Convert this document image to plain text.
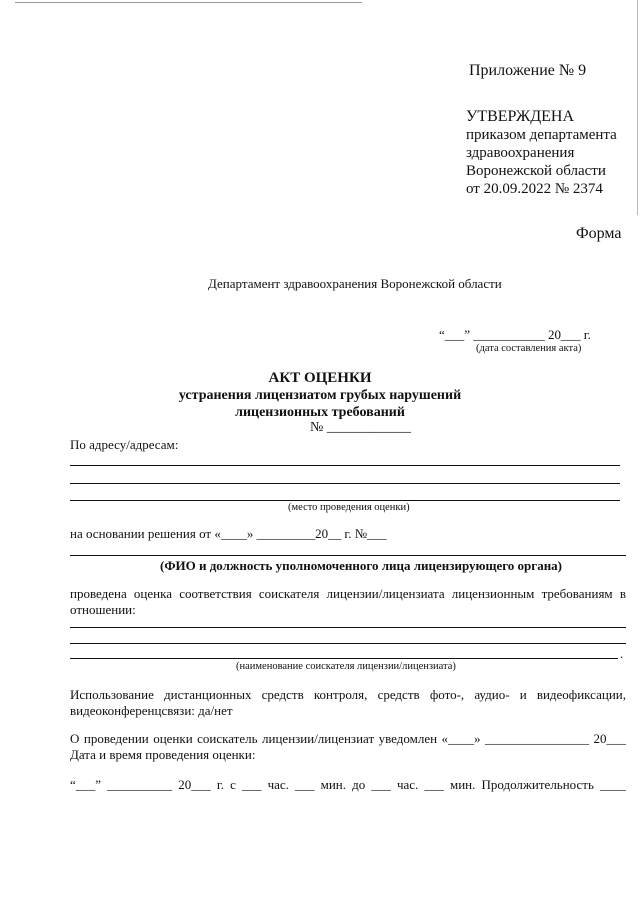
Приложение № 9
УТВЕРЖДЕНА
приказом департамента
здравоохранения
Воронежской области
от 20.09.2022 № 2374
Форма
Департамент здравоохранения Воронежской области
“___” ___________ 20___ г.
(дата составления акта)
АКТ ОЦЕНКИ
устранения лицензиатом грубых нарушений
лицензионных требований
№ ____________
По адресу/адресам:
(место проведения оценки)
на основании решения от «____» _________20__ г. №___
(ФИО и должность уполномоченного лица лицензирующего органа)
проведена оценка соответствия соискателя лицензии/лицензиата лицензионным требованиям в
отношении:
.
(наименование соискателя лицензии/лицензиата)
Использование дистанционных средств контроля, средств фото-, аудио- и видеофиксации,
видеоконференцсвязи: да/нет
О проведении оценки соискатель лицензии/лицензиат уведомлен «____» ________________ 20___
Дата и время проведения оценки:
“___” __________ 20___ г. с ___ час. ___ мин. до ___ час. ___ мин. Продолжительность ____
